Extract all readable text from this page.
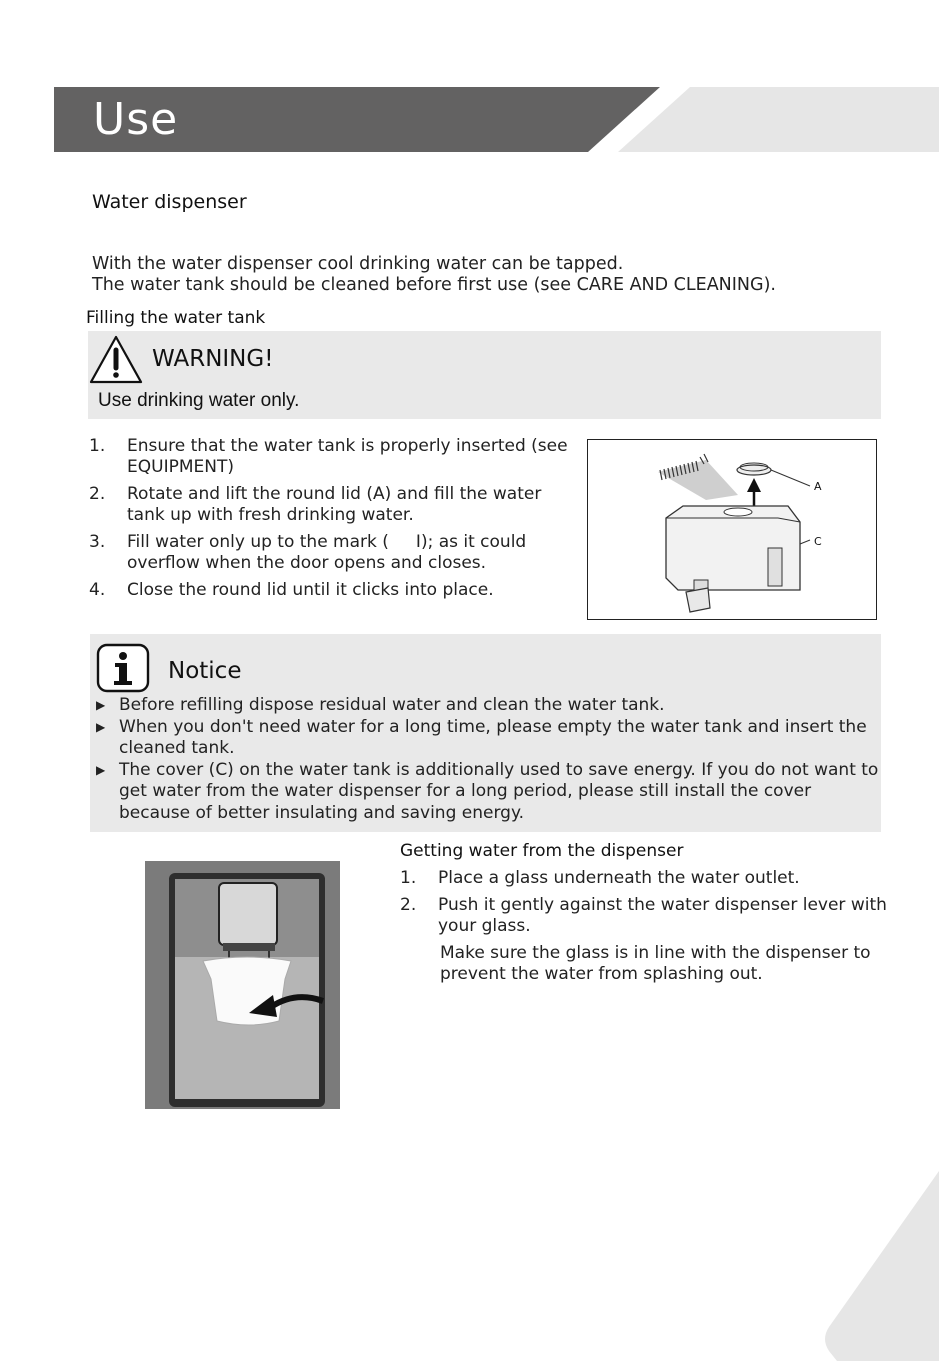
Use
Water dispenser
With the water dispenser cool drinking water can be tapped.
The water tank should be cleaned before first use (see CARE AND CLEANING).
Filling the water tank
WARNING!
Use drinking water only.
1. Ensure that the water tank is properly inserted (see EQUIPMENT)
2. Rotate and lift the round lid (A) and fill the water tank up with fresh drinking water.
3. Fill water only up to the mark (     I); as it could overflow when the door opens and closes.
4. Close the round lid until it clicks into place.
A
C
Notice
▶ Before refilling dispose residual water and clean the water tank.
▶ When you don't need water for a long time, please empty the water tank and insert the cleaned tank.
▶ The cover (C) on the water tank is additionally used to save energy. If you do not want to get water from the water dispenser for a long period, please still install the cover because of better insulating and saving energy.
Getting water from the dispenser
1. Place a glass underneath the water outlet.
2. Push it gently against the water dispenser lever with your glass.
Make sure the glass is in line with the dispenser to prevent the water from splashing out.
